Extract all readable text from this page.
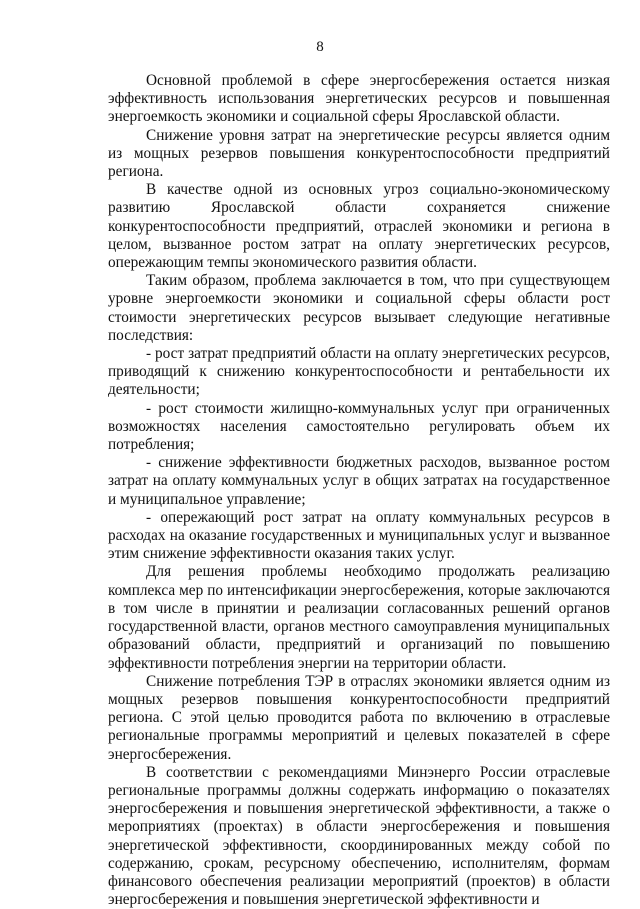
8

Основной проблемой в сфере энергосбережения остается низкая эффективность использования энергетических ресурсов и повышенная энергоемкость экономики и социальной сферы Ярославской области.

Снижение уровня затрат на энергетические ресурсы является одним из мощных резервов повышения конкурентоспособности предприятий региона.

В качестве одной из основных угроз социально-экономическому развитию Ярославской области сохраняется снижение конкурентоспособности предприятий, отраслей экономики и региона в целом, вызванное ростом затрат на оплату энергетических ресурсов, опережающим темпы экономического развития области.

Таким образом, проблема заключается в том, что при существующем уровне энергоемкости экономики и социальной сферы области рост стоимости энергетических ресурсов вызывает следующие негативные последствия:

- рост затрат предприятий области на оплату энергетических ресурсов, приводящий к снижению конкурентоспособности и рентабельности их деятельности;

- рост стоимости жилищно-коммунальных услуг при ограниченных возможностях населения самостоятельно регулировать объем их потребления;

- снижение эффективности бюджетных расходов, вызванное ростом затрат на оплату коммунальных услуг в общих затратах на государственное и муниципальное управление;

- опережающий рост затрат на оплату коммунальных ресурсов в расходах на оказание государственных и муниципальных услуг и вызванное этим снижение эффективности оказания таких услуг.

Для решения проблемы необходимо продолжать реализацию комплекса мер по интенсификации энергосбережения, которые заключаются в том числе в принятии и реализации согласованных решений органов государственной власти, органов местного самоуправления муниципальных образований области, предприятий и организаций по повышению эффективности потребления энергии на территории области.

Снижение потребления ТЭР в отраслях экономики является одним из мощных резервов повышения конкурентоспособности предприятий региона. С этой целью проводится работа по включению в отраслевые региональные программы мероприятий и целевых показателей в сфере энергосбережения.

В соответствии с рекомендациями Минэнерго России отраслевые региональные программы должны содержать информацию о показателях энергосбережения и повышения энергетической эффективности, а также о мероприятиях (проектах) в области энергосбережения и повышения энергетической эффективности, скоординированных между собой по содержанию, срокам, ресурсному обеспечению, исполнителям, формам финансового обеспечения реализации мероприятий (проектов) в области энергосбережения и повышения энергетической эффективности и
